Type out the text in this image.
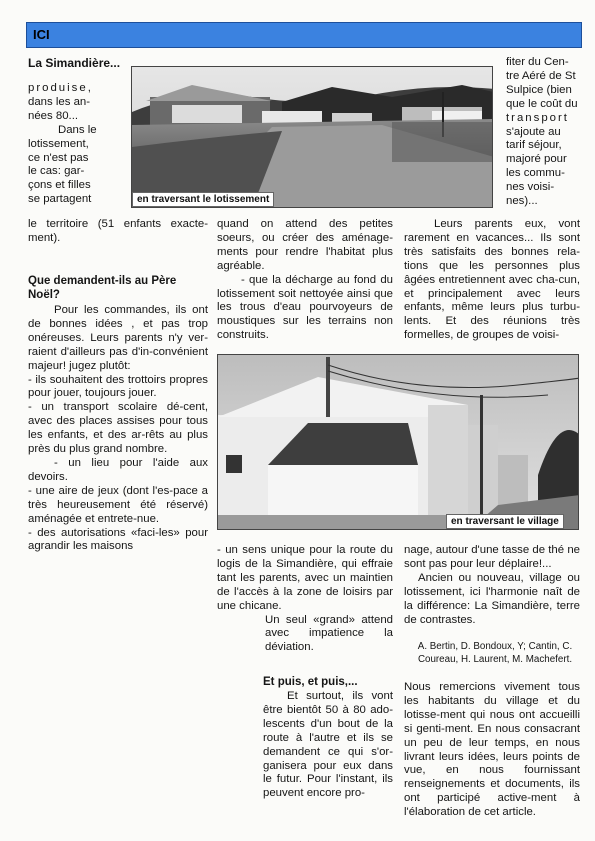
ICI
La Simandière...
en traversant le lotissement
en traversant le village

produise,

dans les an-

nées 80...

Dans le

lotissement,

ce n'est pas

le cas: gar-

çons et filles

se partagent

le territoire (51 enfants exacte-ment).
Que demandent-ils au Père Noël?

Pour les commandes, ils ont de bonnes idées , et pas trop onéreuses. Leurs parents n'y ver-raient d'ailleurs pas d'in-convénient majeur! jugez plutôt:

- ils souhaitent des trottoirs propres pour jouer, toujours jouer.

- un transport scolaire dé-cent, avec des places assises pour tous les enfants, et des ar-rêts au plus près du plus grand nombre.

- un lieu pour l'aide aux devoirs.

- une aire de jeux (dont l'es-pace a très heureusement été réservé) aménagée et entrete-nue.

- des autorisations «faci-les» pour agrandir les maisons

quand on attend des petites soeurs, ou créer des aménage-ments pour rendre l'habitat plus agréable.

- que la décharge au fond du lotissement soit nettoyée ainsi que les trous d'eau pourvoyeurs de moustiques sur les terrains non construits.

- un sens unique pour la route du logis de la Simandière, qui effraie tant les parents, avec un maintien de l'accès à la zone de loisirs par une chicane.

Un seul «grand» attend avec impatience la déviation.

Et puis, et puis,...
Et surtout, ils vont être bientôt 50 à 80 ado-lescents d'un bout de la route à l'autre et ils se demandent ce qui s'or-ganisera pour eux dans le futur. Pour l'instant, ils peuvent encore pro-

fiter du Cen-

tre Aéré de St

Sulpice (bien

que le coût du

transport

s'ajoute au

tarif séjour,

majoré pour

les commu-

nes voisi-

nes)...

Leurs parents eux, vont rarement en vacances... Ils sont très satisfaits des bonnes rela-tions que les personnes plus âgées entretiennent avec cha-cun, et principalement avec leurs enfants, même leurs plus turbu-lents. Et des réunions très formelles, de groupes de voisi-

nage, autour d'une tasse de thé ne sont pas pour leur déplaire!...

Ancien ou nouveau, village ou lotissement, ici l'harmonie naît de la différence: La Simandière, terre de contrastes.

A. Bertin, D. Bondoux, Y; Cantin, C. Coureau, H. Laurent, M. Machefert.
Nous remercions vivement tous les habitants du village et du lotisse-ment qui nous ont accueilli si genti-ment. En nous consacrant un peu de leur temps, en nous livrant leurs idées, leurs points de vue, en nous fournissant renseignements et documents, ils ont participé active-ment à l'élaboration de cet article.
